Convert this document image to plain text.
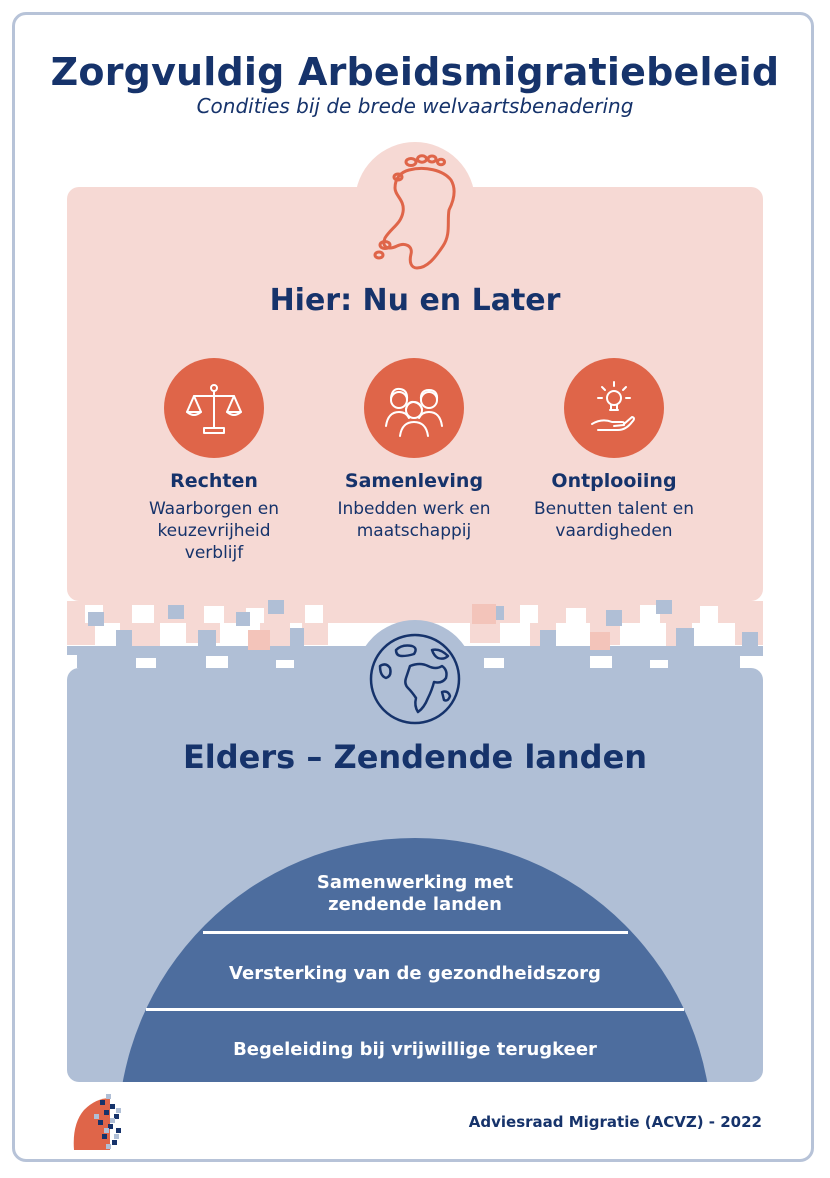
Zorgvuldig Arbeidsmigratiebeleid
Condities bij de brede welvaartsbenadering
Hier: Nu en Later
Rechten
Waarborgen en
keuzevrijheid
verblijf
Samenleving
Inbedden werk en
maatschappij
Ontplooiing
Benutten talent en
vaardigheden
Elders – Zendende landen
Samenwerking met
zendende landen
Versterking van de gezondheidszorg
Begeleiding bij vrijwillige terugkeer
Adviesraad Migratie (ACVZ) - 2022
